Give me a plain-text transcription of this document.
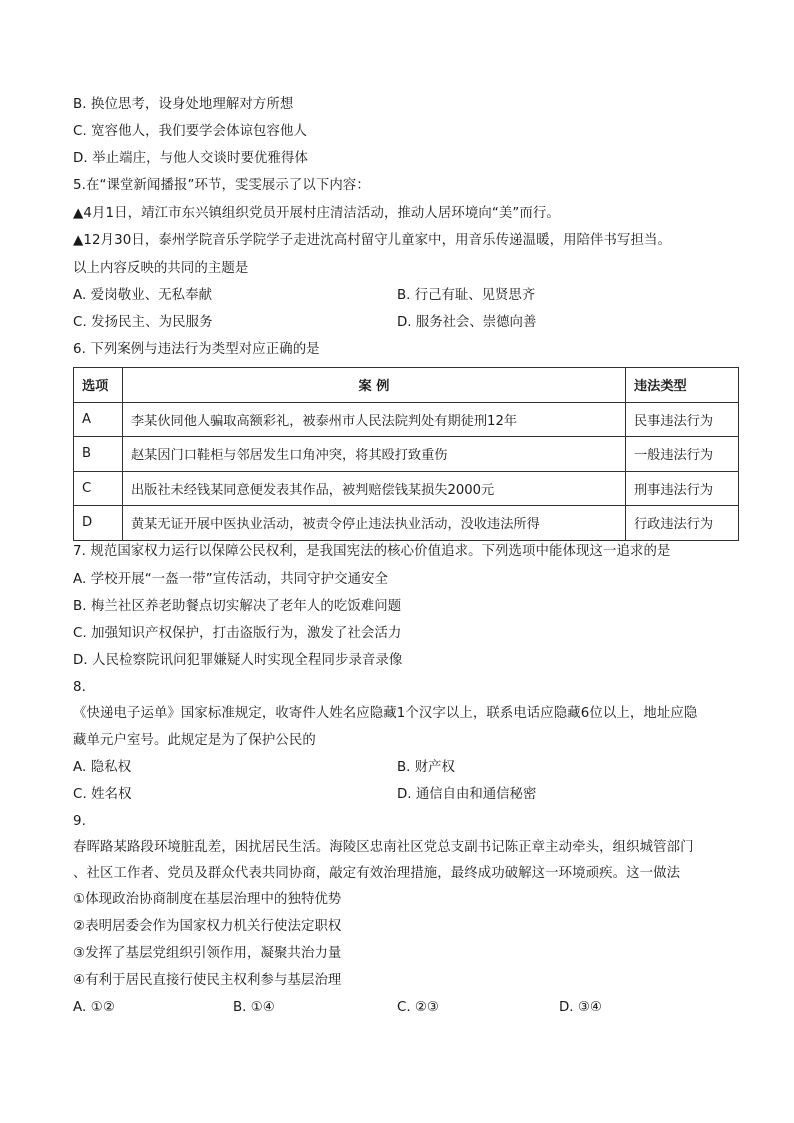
B. 换位思考，设身处地理解对方所想
C. 宽容他人，我们要学会体谅包容他人
D. 举止端庄，与他人交谈时要优雅得体
5.在“课堂新闻播报”环节，雯雯展示了以下内容：
▲4月1日，靖江市东兴镇组织党员开展村庄清洁活动，推动人居环境向“美”而行。
▲12月30日，泰州学院音乐学院学子走进沈高村留守儿童家中，用音乐传递温暖，用陪伴书写担当。
以上内容反映的共同的主题是
A. 爱岗敬业、无私奉献	B. 行己有耻、见贤思齐
C. 发扬民主、为民服务	D. 服务社会、崇德向善
6. 下列案例与违法行为类型对应正确的是
选项	案 例	违法类型
A	李某伙同他人骗取高额彩礼，被泰州市人民法院判处有期徒刑12年	民事违法行为
B	赵某因门口鞋柜与邻居发生口角冲突，将其殴打致重伤	一般违法行为
C	出版社未经钱某同意便发表其作品，被判赔偿钱某损失2000元	刑事违法行为
D	黄某无证开展中医执业活动，被责令停止违法执业活动，没收违法所得	行政违法行为
7. 规范国家权力运行以保障公民权利，是我国宪法的核心价值追求。下列选项中能体现这一追求的是
A. 学校开展“一盔一带”宣传活动，共同守护交通安全
B. 梅兰社区养老助餐点切实解决了老年人的吃饭难问题
C. 加强知识产权保护，打击盗版行为，激发了社会活力
D. 人民检察院讯问犯罪嫌疑人时实现全程同步录音录像
8.
《快递电子运单》国家标准规定，收寄件人姓名应隐藏1个汉字以上，联系电话应隐藏6位以上，地址应隐
藏单元户室号。此规定是为了保护公民的
A. 隐私权	B. 财产权
C. 姓名权	D. 通信自由和通信秘密
9.
春晖路某路段环境脏乱差，困扰居民生活。海陵区忠南社区党总支副书记陈正章主动牵头，组织城管部门
、社区工作者、党员及群众代表共同协商，敲定有效治理措施，最终成功破解这一环境顽疾。这一做法
①体现政治协商制度在基层治理中的独特优势
②表明居委会作为国家权力机关行使法定职权
③发挥了基层党组织引领作用，凝聚共治力量
④有利于居民直接行使民主权利参与基层治理
A. ①②	B. ①④	C. ②③	D. ③④
